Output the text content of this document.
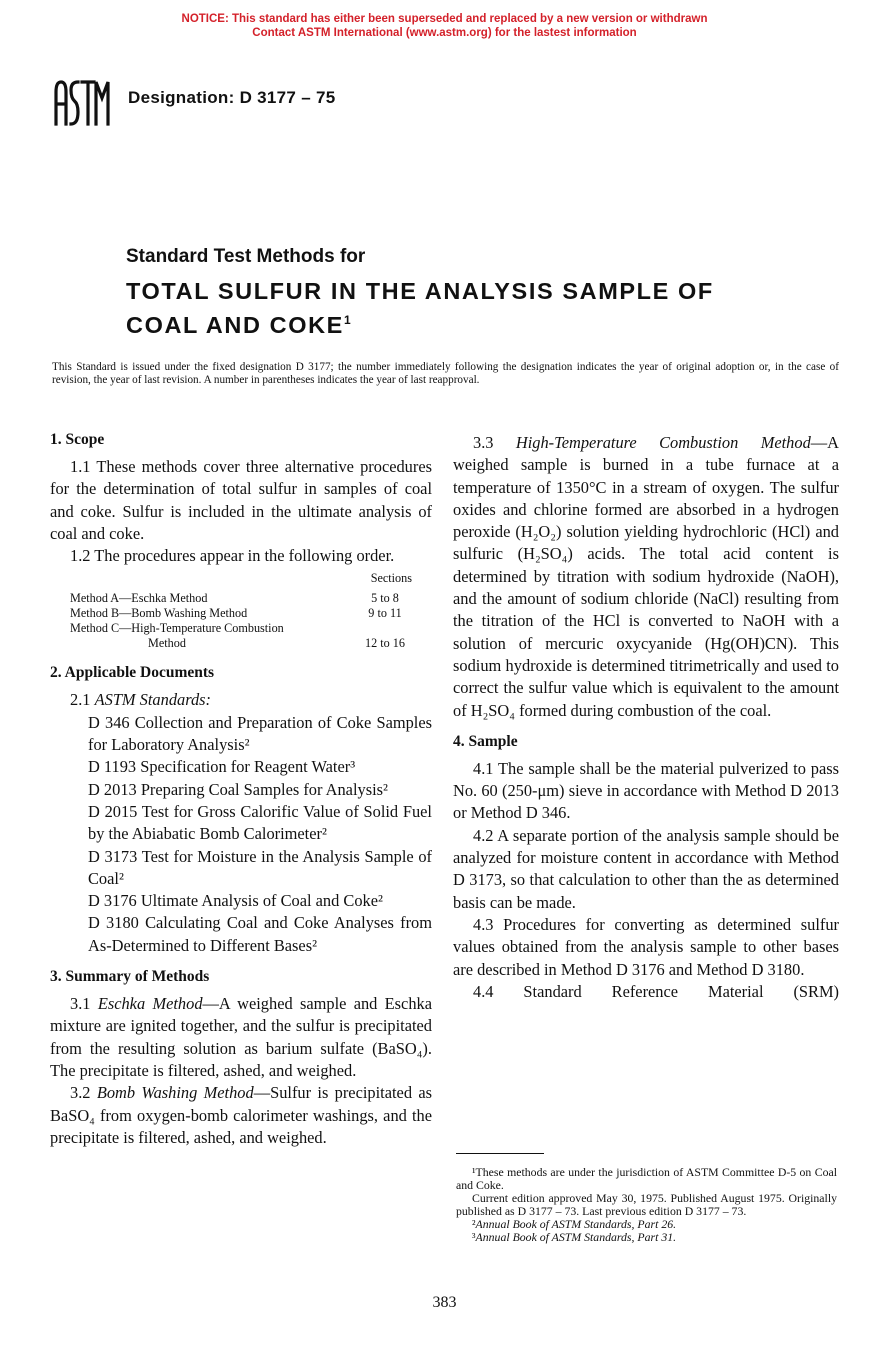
NOTICE: This standard has either been superseded and replaced by a new version or withdrawn
Contact ASTM International (www.astm.org) for the lastest information
Designation: D 3177 – 75
Standard Test Methods for
TOTAL SULFUR IN THE ANALYSIS SAMPLE OF
COAL AND COKE$^1$
This Standard is issued under the fixed designation D 3177; the number immediately following the designation indicates the year of original adoption or, in the case of revision, the year of last revision. A number in parentheses indicates the year of last reapproval.
1. Scope

1.1 These methods cover three alternative procedures for the determination of total sulfur in samples of coal and coke. Sulfur is included in the ultimate analysis of coal and coke.

1.2 The procedures appear in the following order.

Sections
Method A—Eschka Method	5 to 8
Method B—Bomb Washing Method	9 to 11
Method C—High-Temperature Combustion
Method	12 to 16
2. Applicable Documents

2.1 ASTM Standards:

D 346 Collection and Preparation of Coke Samples for Laboratory Analysis²

D 1193 Specification for Reagent Water³

D 2013 Preparing Coal Samples for Analysis²

D 2015 Test for Gross Calorific Value of Solid Fuel by the Abiabatic Bomb Calorimeter²

D 3173 Test for Moisture in the Analysis Sample of Coal²

D 3176 Ultimate Analysis of Coal and Coke²

D 3180 Calculating Coal and Coke Analyses from As-Determined to Different Bases²

3. Summary of Methods

3.1 Eschka Method—A weighed sample and Eschka mixture are ignited together, and the sulfur is precipitated from the resulting solution as barium sulfate (BaSO₄). The precipitate is filtered, ashed, and weighed.

3.2 Bomb Washing Method—Sulfur is precipitated as BaSO₄ from oxygen-bomb calorimeter washings, and the precipitate is filtered, ashed, and weighed.

3.3 High-Temperature Combustion Method—A weighed sample is burned in a tube furnace at a temperature of 1350°C in a stream of oxygen. The sulfur oxides and chlorine formed are absorbed in a hydrogen peroxide (H₂O₂) solution yielding hydrochloric (HCl) and sulfuric (H₂SO₄) acids. The total acid content is determined by titration with sodium hydroxide (NaOH), and the amount of sodium chloride (NaCl) resulting from the titration of the HCl is converted to NaOH with a solution of mercuric oxycyanide (Hg(OH)CN). This sodium hydroxide is determined titrimetrically and used to correct the sulfur value which is equivalent to the amount of H₂SO₄ formed during combustion of the coal.

4. Sample

4.1 The sample shall be the material pulverized to pass No. 60 (250-μm) sieve in accordance with Method D 2013 or Method D 346.

4.2 A separate portion of the analysis sample should be analyzed for moisture content in accordance with Method D 3173, so that calculation to other than the as determined basis can be made.

4.3 Procedures for converting as determined sulfur values obtained from the analysis sample to other bases are described in Method D 3176 and Method D 3180.

4.4 Standard Reference Material (SRM)

¹These methods are under the jurisdiction of ASTM Committee D-5 on Coal and Coke.
Current edition approved May 30, 1975. Published August 1975. Originally published as D 3177 – 73. Last previous edition D 3177 – 73.
²Annual Book of ASTM Standards, Part 26.
³Annual Book of ASTM Standards, Part 31.
383
